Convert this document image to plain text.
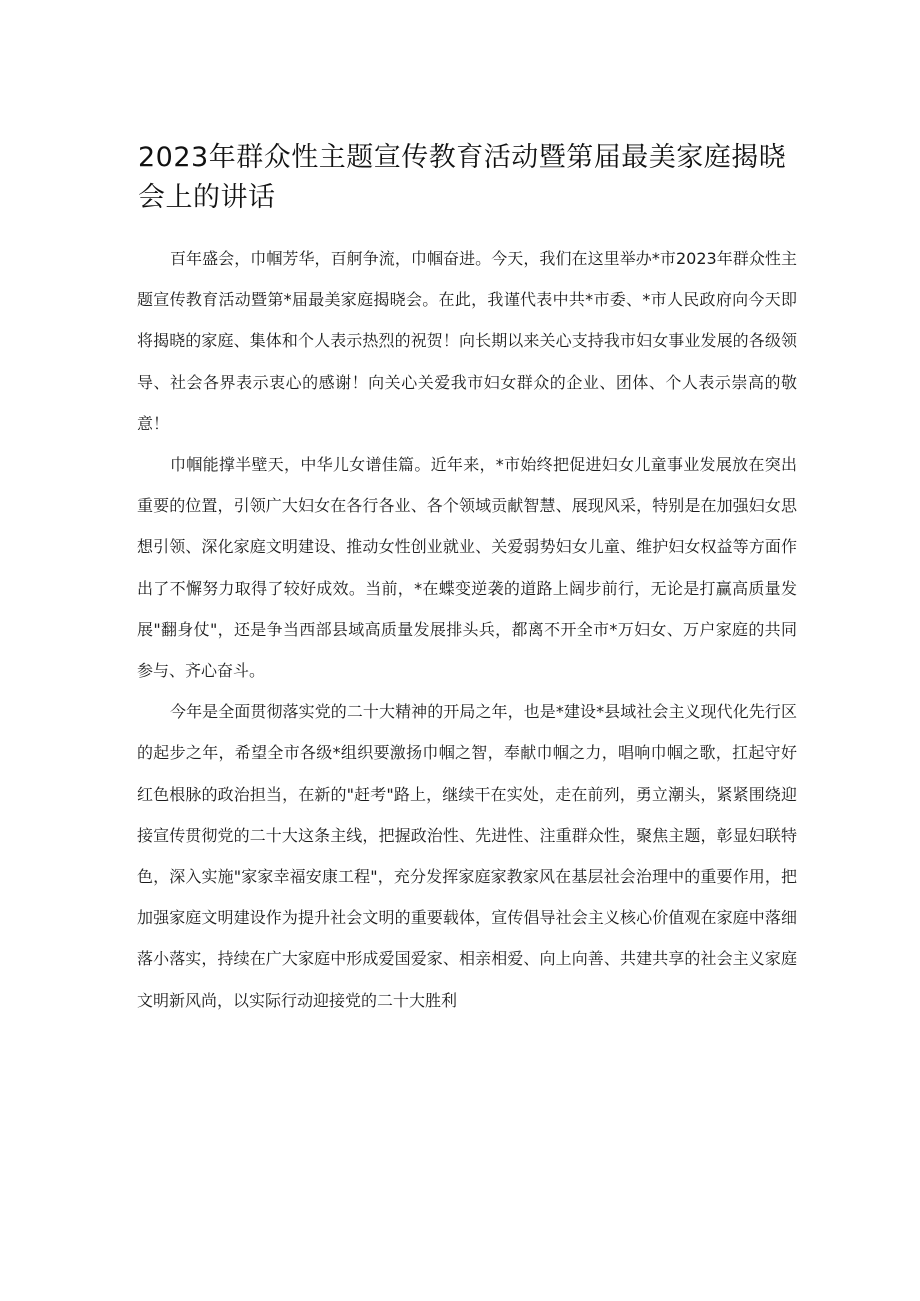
2023年群众性主题宣传教育活动暨第届最美家庭揭晓会上的讲话

百年盛会，巾帼芳华，百舸争流，巾帼奋进。今天，我们在这里举办*市2023年群众性主题宣传教育活动暨第*届最美家庭揭晓会。在此，我谨代表中共*市委、*市人民政府向今天即将揭晓的家庭、集体和个人表示热烈的祝贺！向长期以来关心支持我市妇女事业发展的各级领导、社会各界表示衷心的感谢！向关心关爱我市妇女群众的企业、团体、个人表示崇高的敬意！

巾帼能撑半壁天，中华儿女谱佳篇。近年来，*市始终把促进妇女儿童事业发展放在突出重要的位置，引领广大妇女在各行各业、各个领域贡献智慧、展现风采，特别是在加强妇女思想引领、深化家庭文明建设、推动女性创业就业、关爱弱势妇女儿童、维护妇女权益等方面作出了不懈努力取得了较好成效。当前，*在蝶变逆袭的道路上阔步前行，无论是打赢高质量发展"翻身仗"，还是争当西部县域高质量发展排头兵，都离不开全市*万妇女、万户家庭的共同参与、齐心奋斗。

今年是全面贯彻落实党的二十大精神的开局之年，也是*建设*县域社会主义现代化先行区的起步之年，希望全市各级*组织要激扬巾帼之智，奉献巾帼之力，唱响巾帼之歌，扛起守好红色根脉的政治担当，在新的"赶考"路上，继续干在实处，走在前列，勇立潮头，紧紧围绕迎接宣传贯彻党的二十大这条主线，把握政治性、先进性、注重群众性，聚焦主题，彰显妇联特色，深入实施"家家幸福安康工程"，充分发挥家庭家教家风在基层社会治理中的重要作用，把加强家庭文明建设作为提升社会文明的重要载体，宣传倡导社会主义核心价值观在家庭中落细落小落实，持续在广大家庭中形成爱国爱家、相亲相爱、向上向善、共建共享的社会主义家庭文明新风尚，以实际行动迎接党的二十大胜利
